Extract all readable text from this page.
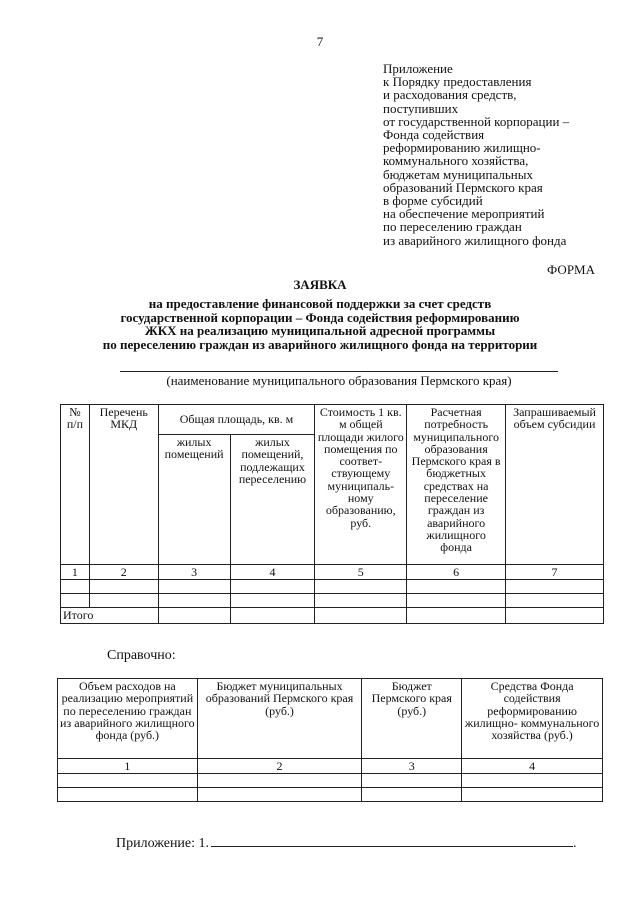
7
Приложение
к Порядку предоставления
и расходования средств,
поступивших
от государственной корпорации –
Фонда содействия
реформированию жилищно-
коммунального хозяйства,
бюджетам муниципальных
образований Пермского края
в форме субсидий
на обеспечение мероприятий
по переселению граждан
из аварийного жилищного фонда
ФОРМА
ЗАЯВКА
на предоставление финансовой поддержки за счет средств
государственной корпорации – Фонда содействия реформированию
ЖКХ на реализацию муниципальной адресной программы
по переселению граждан из аварийного жилищного фонда на территории
(наименование муниципального образования Пермского края)
№ п/п	Перечень МКД	Общая площадь, кв. м		Стоимость 1 кв. м общей площади жилого помещения по соответ- ствующему муниципаль- ному образованию, руб.	Расчетная потребность муниципального образования Пермского края в бюджетных средствах на переселение граждан из аварийного жилищного фонда	Запрашиваемый объем субсидии
		жилых помещений	жилых помещений, подлежащих переселению			
1	2	3	4	5	6	7

Итого						
Справочно:
Объем расходов на реализацию мероприятий по переселению граждан из аварийного жилищного фонда (руб.)	Бюджет муниципальных образований Пермского края (руб.)	Бюджет Пермского края (руб.)	Средства Фонда содействия реформированию жилищно- коммунального хозяйства (руб.)
1	2	3	4

Приложение: 1.	.
